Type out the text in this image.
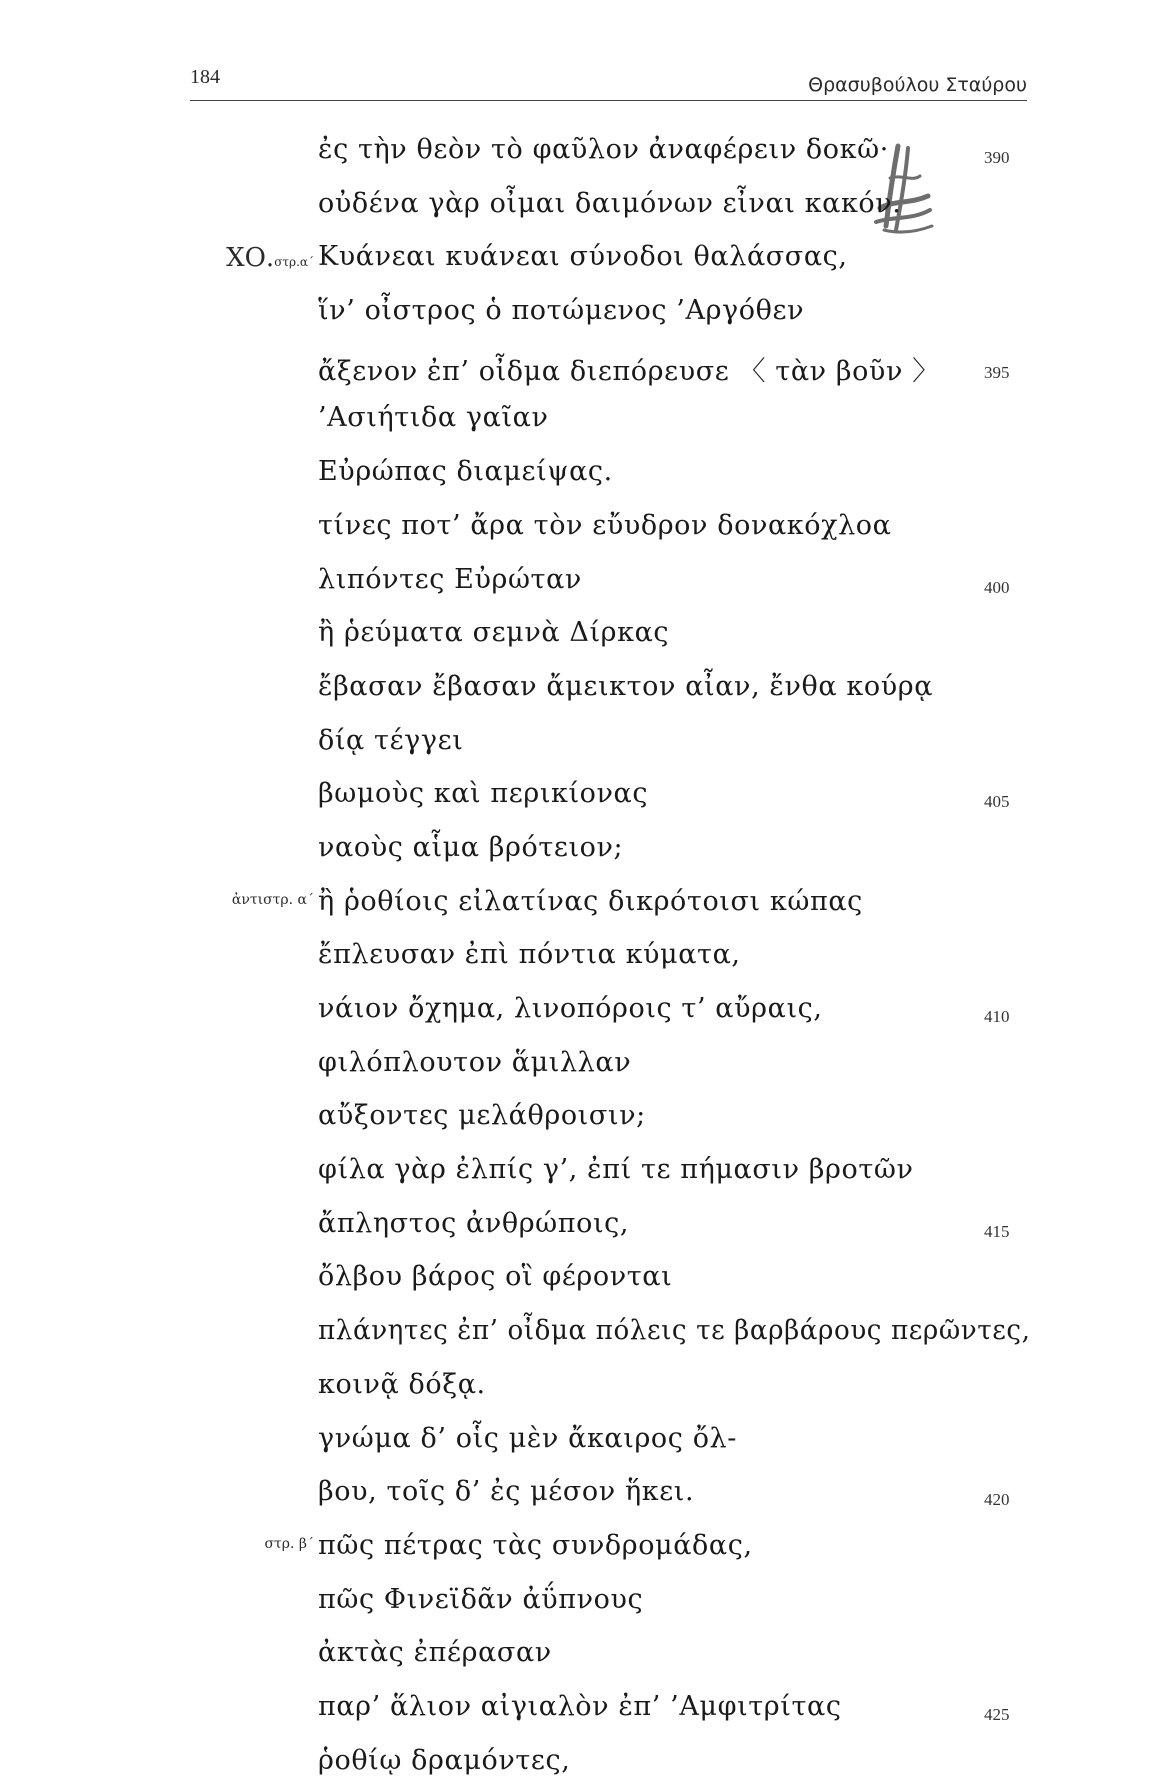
184	Θρασυβούλου Σταύρου
ἐς τὴν θεὸν τὸ φαῦλον ἀναφέρειν δοκῶ·	390
οὐδένα γὰρ οἶμαι δαιμόνων εἶναι κακόν.
ΧΟ.στρ.α΄ Κυάνεαι κυάνεαι σύνοδοι θαλάσσας,
ἵν’ οἶστρος ὁ ποτώμενος ’Αργόθεν
ἄξενον ἐπ’ οἶδμα διεπόρευσε 〈 τὰν βοῦν 〉	395
’Ασιήτιδα γαῖαν
Εὐρώπας διαμείψας.
τίνες ποτ’ ἄρα τὸν εὔυδρον δονακόχλοα
λιπόντες Εὐρώταν	400
ἢ ῥεύματα σεμνὰ Δίρκας
ἔβασαν ἔβασαν ἄμεικτον αἶαν, ἔνθα κούρᾳ
δίᾳ τέγγει
βωμοὺς καὶ περικίονας	405
ναοὺς αἷμα βρότειον;
ἀντιστρ. α΄ ἢ ῥοθίοις εἰλατίνας δικρότοισι κώπας
ἔπλευσαν ἐπὶ πόντια κύματα,
νάιον ὄχημα, λινοπόροις τ’ αὔραις,	410
φιλόπλουτον ἅμιλλαν
αὔξοντες μελάθροισιν;
φίλα γὰρ ἐλπίς γ’, ἐπί τε πήμασιν βροτῶν
ἄπληστος ἀνθρώποις,	415
ὄλβου βάρος οἳ φέρονται
πλάνητες ἐπ’ οἶδμα πόλεις τε βαρβάρους περῶντες,
κοινᾷ δόξᾳ.
γνώμα δ’ οἷς μὲν ἄκαιρος ὄλ-
βου, τοῖς δ’ ἐς μέσον ἥκει.	420
στρ. β΄ πῶς πέτρας τὰς συνδρομάδας,
πῶς Φινεϊδᾶν ἀΰπνους
ἀκτὰς ἐπέρασαν
παρ’ ἅλιον αἰγιαλὸν ἐπ’ ’Αμφιτρίτας	425
ῥοθίῳ δραμόντες,
